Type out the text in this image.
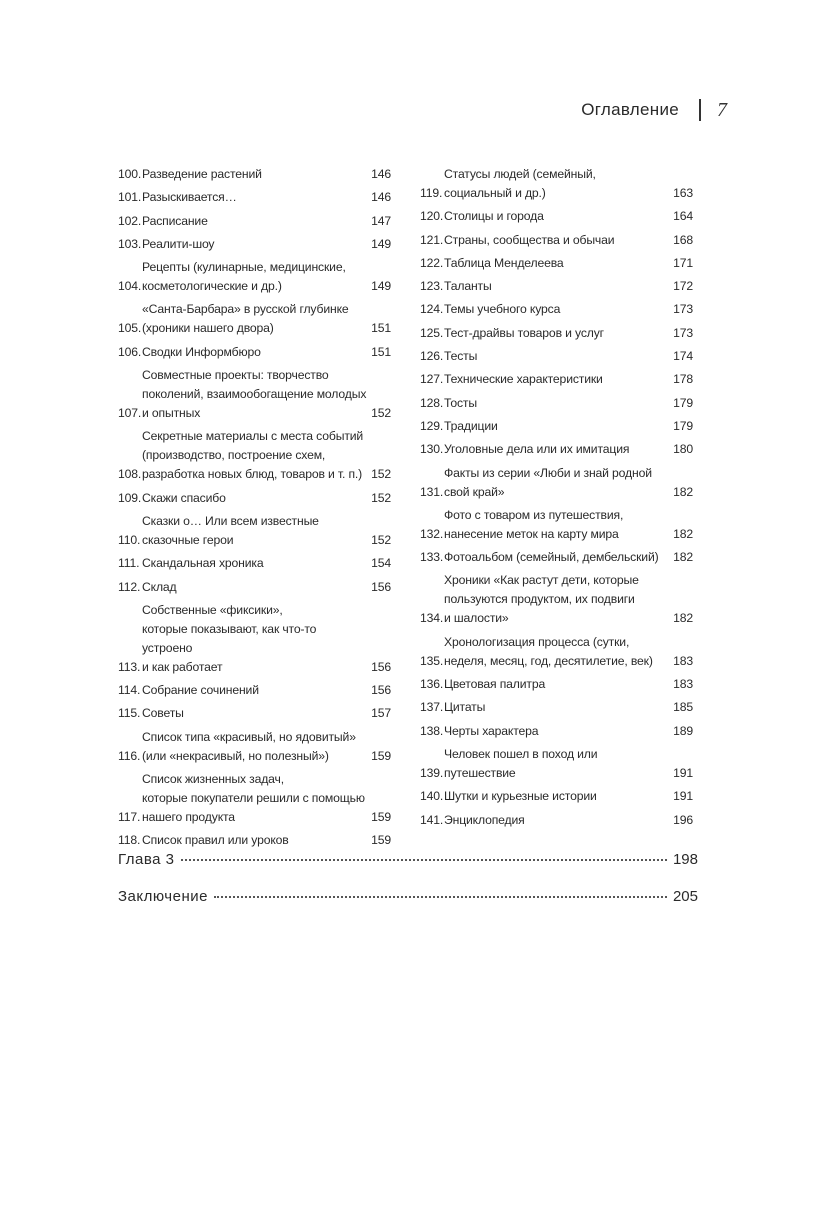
Оглавление 7
100. Разведение растений	146
101. Разыскивается…	146
102. Расписание	147
103. Реалити-шоу	149
104.
Рецепты (кулинарные, медицинские,
косметологические и др.)	149
105.
«Санта-Барбара» в русской глубинке
(хроники нашего двора)	151
106. Сводки Информбюро	151
107.
Совместные проекты: творчество
поколений, взаимообогащение молодых
и опытных	152
108.
Секретные материалы с места событий
(производство, построение схем,
разработка новых блюд, товаров и т. п.) 152
109. Скажи спасибо	152
110.
Сказки о… Или всем известные
сказочные герои	152
111. Скандальная хроника	154
112. Склад	156
113.
Собственные «фиксики»,
которые показывают, как что-то устроено
и как работает	156
114. Собрание сочинений	156
115. Советы	157
116.
Список типа «красивый, но ядовитый»
(или «некрасивый, но полезный»)	159
117.
Список жизненных задач,
которые покупатели решили с помощью
нашего продукта	159
118. Список правил или уроков	159
119.
Статусы людей (семейный,
социальный и др.)	163
120. Столицы и города	164
121. Страны, сообщества и обычаи	168
122. Таблица Менделеева	171
123. Таланты	172
124. Темы учебного курса	173
125. Тест-драйвы товаров и услуг	173
126. Тесты	174
127. Технические характеристики	178
128. Тосты	179
129. Традиции	179
130. Уголовные дела или их имитация	180
131.
Факты из серии «Люби и знай родной
свой край»	182
132.
Фото с товаром из путешествия,
нанесение меток на карту мира	182
133. Фотоальбом (семейный, дембельский)	182
134.
Хроники «Как растут дети, которые
пользуются продуктом, их подвиги
и шалости»	182
135.
Хронологизация процесса (сутки,
неделя, месяц, год, десятилетие, век)	183
136. Цветовая палитра	183
137. Цитаты	185
138. Черты характера	189
139.
Человек пошел в поход или
путешествие	191
140. Шутки и курьезные истории	191
141. Энциклопедия	196
Глава 3	198
Заключение	205
